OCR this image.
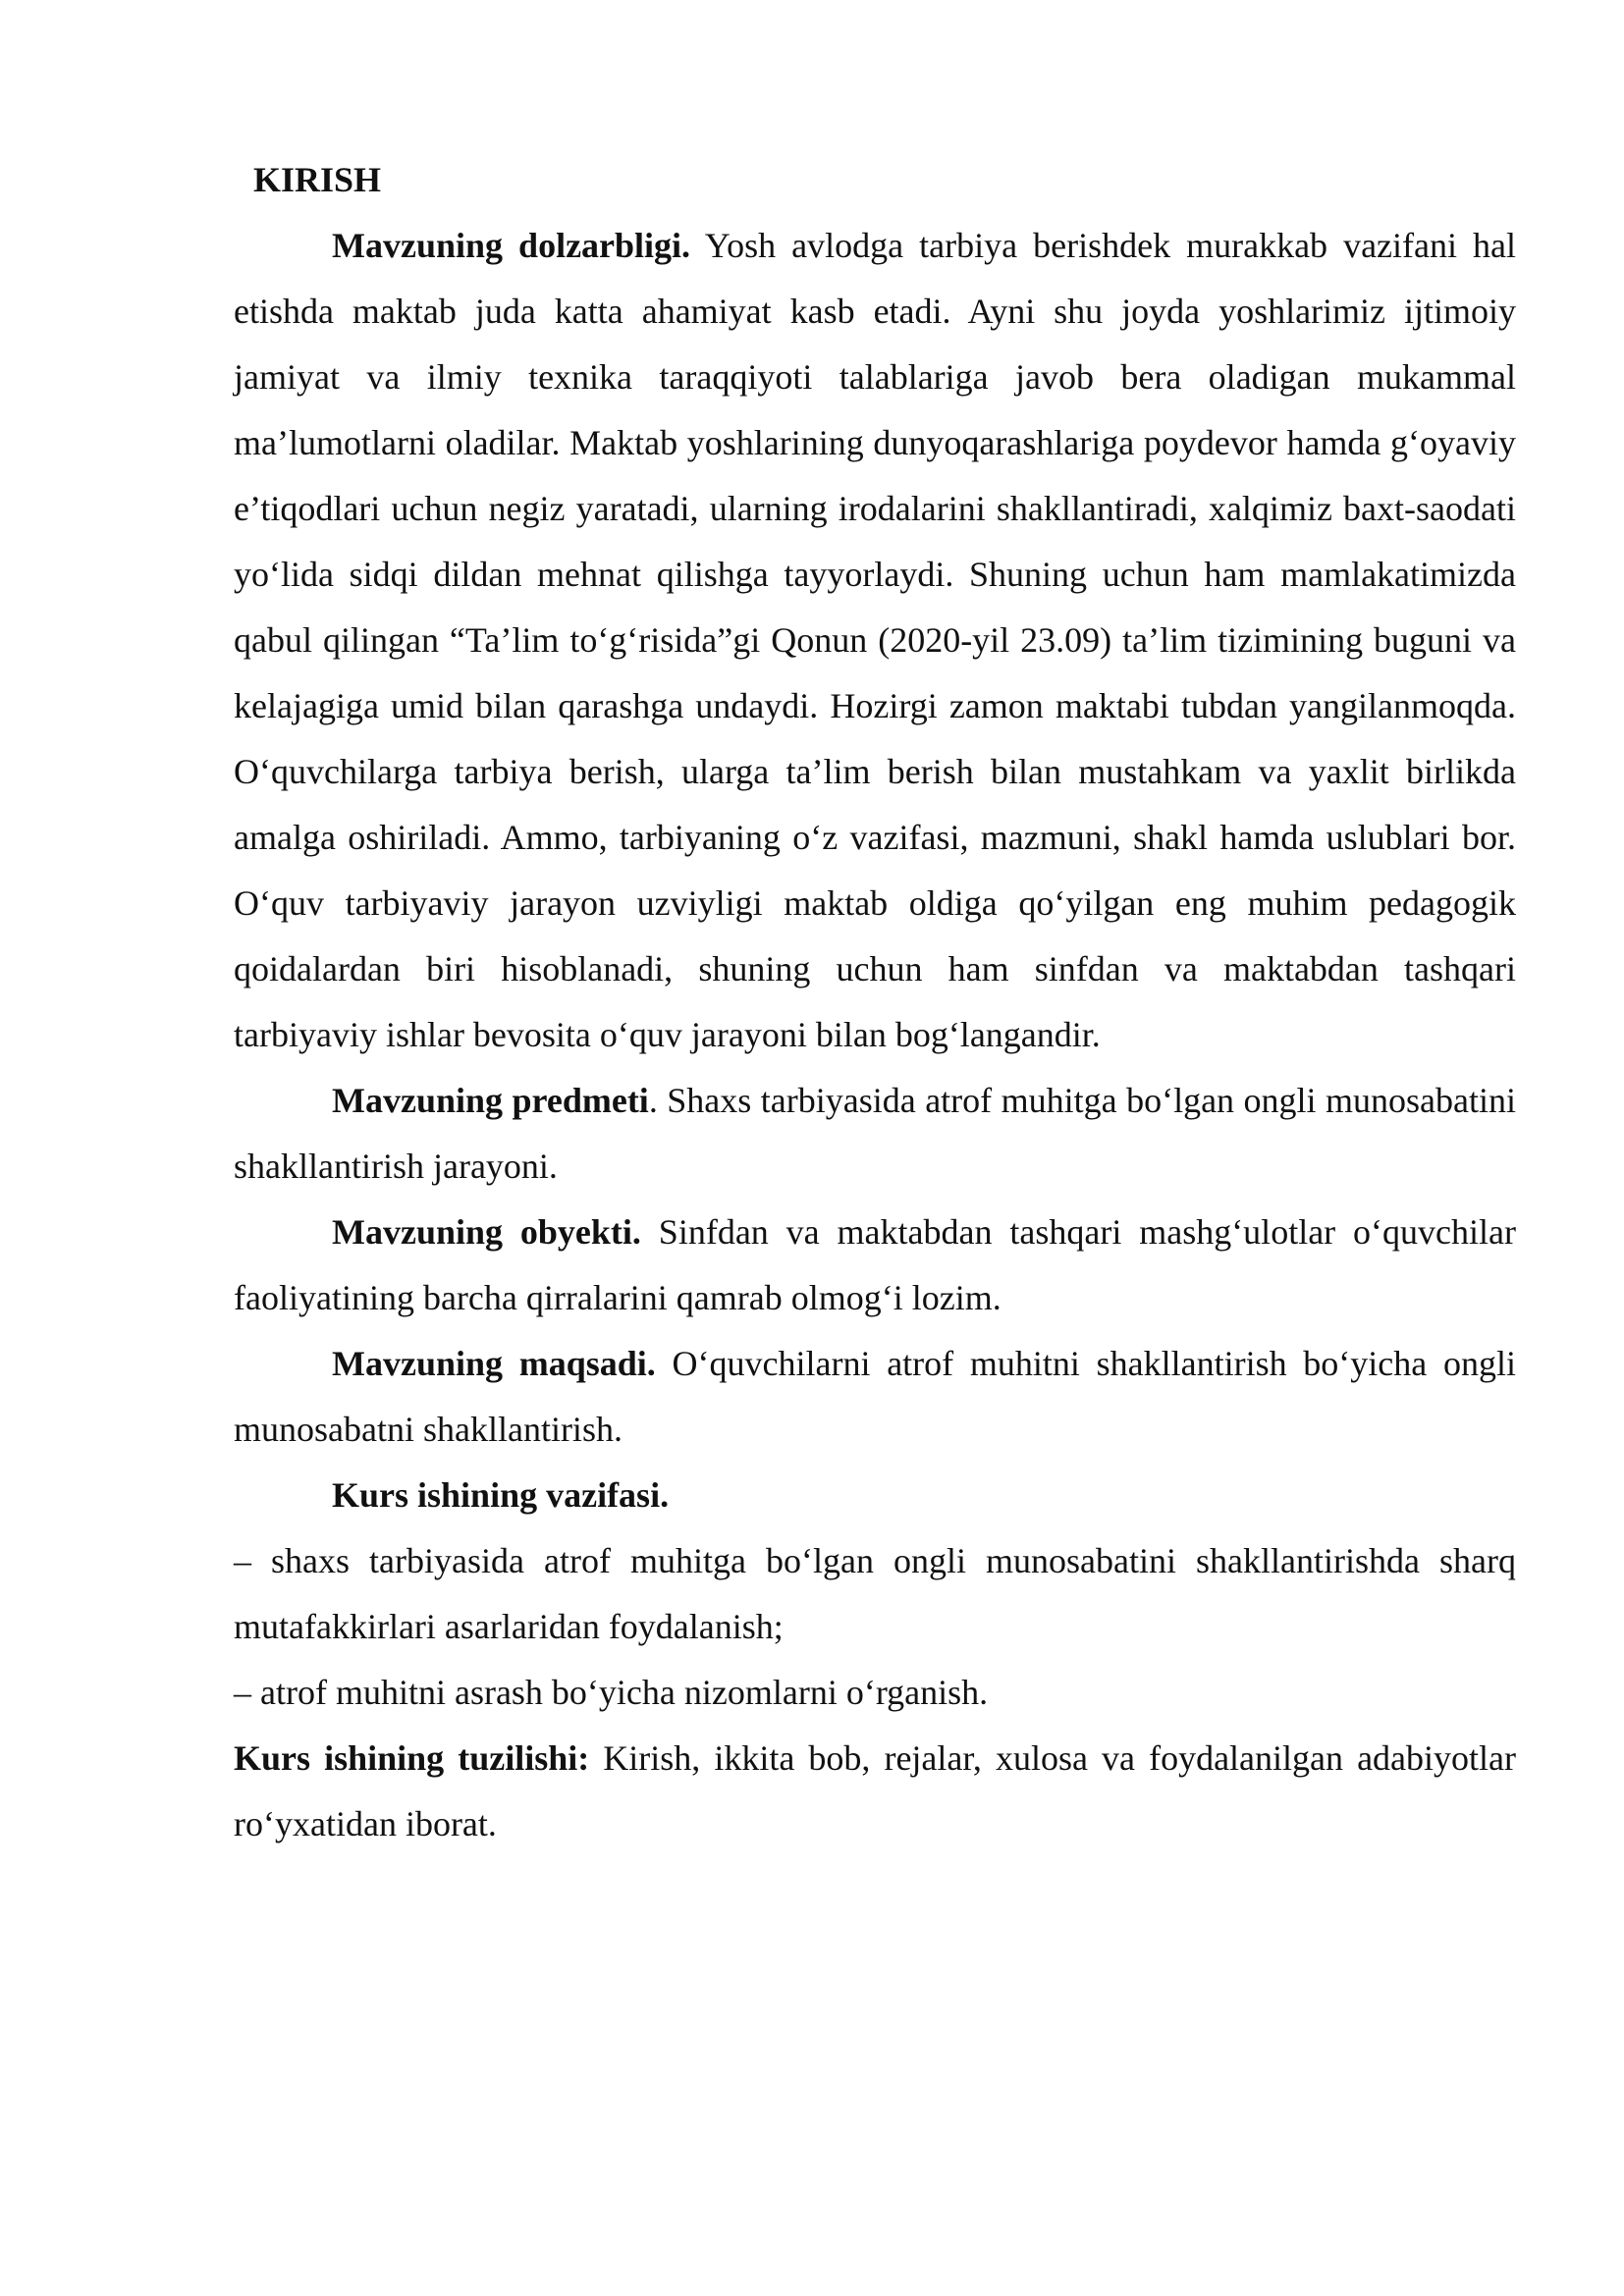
KIRISH

Mavzuning dolzarbligi. Yosh avlodga tarbiya berishdek murakkab vazifani hal etishda maktab juda katta ahamiyat kasb etadi. Ayni shu joyda yoshlarimiz ijtimoiy jamiyat va ilmiy texnika taraqqiyoti talablariga javob bera oladigan mukammal ma’lumotlarni oladilar. Maktab yoshlarining dunyoqarashlariga poydevor hamda g‘oyaviy e’tiqodlari uchun negiz yaratadi, ularning irodalarini shakllantiradi, xalqimiz baxt-saodati yo‘lida sidqi dildan mehnat qilishga tayyorlaydi. Shuning uchun ham mamlakatimizda qabul qilingan “Ta’lim to‘g‘risida”gi Qonun (2020-yil 23.09) ta’lim tizimining buguni va kelajagiga umid bilan qarashga undaydi. Hozirgi zamon maktabi tubdan yangilanmoqda. O‘quvchilarga tarbiya berish, ularga ta’lim berish bilan mustahkam va yaxlit birlikda amalga oshiriladi. Ammo, tarbiyaning o‘z vazifasi, mazmuni, shakl hamda uslublari bor. O‘quv tarbiyaviy jarayon uzviyligi maktab oldiga qo‘yilgan eng muhim pedagogik qoidalardan biri hisoblanadi, shuning uchun ham sinfdan va maktabdan tashqari tarbiyaviy ishlar bevosita o‘quv jarayoni bilan bog‘langandir.

Mavzuning predmeti. Shaxs tarbiyasida atrof muhitga bo‘lgan ongli munosabatini shakllantirish jarayoni.

Mavzuning obyekti. Sinfdan va maktabdan tashqari mashg‘ulotlar o‘quvchilar faoliyatining barcha qirralarini qamrab olmog‘i lozim.

Mavzuning maqsadi. O‘quvchilarni atrof muhitni shakllantirish bo‘yicha ongli munosabatni shakllantirish.

Kurs ishining vazifasi.

– shaxs tarbiyasida atrof muhitga bo‘lgan ongli munosabatini shakllantirishda sharq mutafakkirlari asarlaridan foydalanish;

– atrof muhitni asrash bo‘yicha nizomlarni o‘rganish.

Kurs ishining tuzilishi: Kirish, ikkita bob, rejalar, xulosa va foydalanilgan adabiyotlar ro‘yxatidan iborat.
